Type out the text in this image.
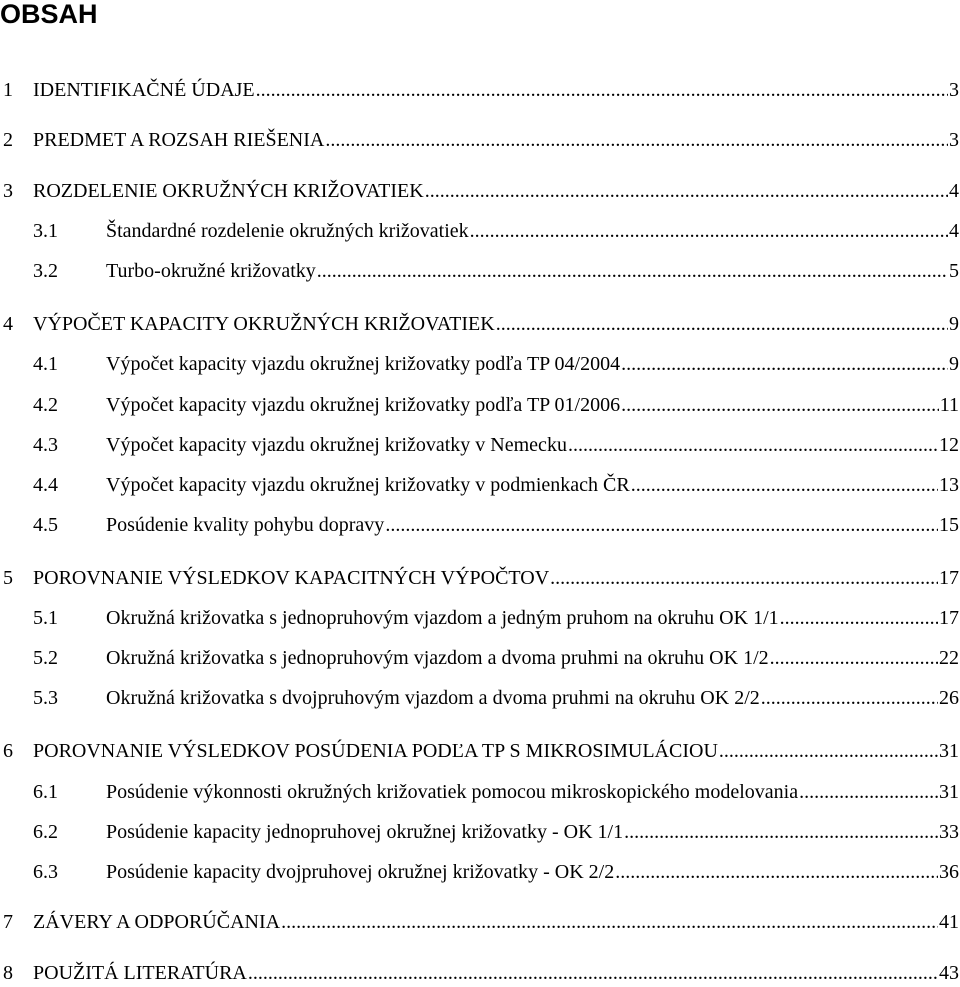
OBSAH
1 IDENTIFIKAČNÉ ÚDAJE .....	3
2 PREDMET A ROZSAH RIEŠENIA .....	3
3 ROZDELENIE OKRUŽNÝCH KRIŽOVATIEK .....	4
3.1 Štandardné rozdelenie okružných križovatiek .....	4
3.2 Turbo-okružné križovatky .....	5
4 VÝPOČET KAPACITY OKRUŽNÝCH KRIŽOVATIEK .....	9
4.1 Výpočet kapacity vjazdu okružnej križovatky podľa TP 04/2004 .....	9
4.2 Výpočet kapacity vjazdu okružnej križovatky podľa TP 01/2006 .....	11
4.3 Výpočet kapacity vjazdu okružnej križovatky v Nemecku .....	12
4.4 Výpočet kapacity vjazdu okružnej križovatky v podmienkach ČR .....	13
4.5 Posúdenie kvality pohybu dopravy .....	15
5 POROVNANIE VÝSLEDKOV KAPACITNÝCH VÝPOČTOV .....	17
5.1 Okružná križovatka s jednopruhovým vjazdom a jedným pruhom na okruhu OK 1/1 .....	17
5.2 Okružná križovatka s jednopruhovým vjazdom a dvoma pruhmi na okruhu OK 1/2 .....	22
5.3 Okružná križovatka s dvojpruhovým vjazdom a dvoma pruhmi na okruhu OK 2/2 .....	26
6 POROVNANIE VÝSLEDKOV POSÚDENIA PODĽA TP S MIKROSIMULÁCIOU .....	31
6.1 Posúdenie výkonnosti okružných križovatiek pomocou mikroskopického modelovania .....	31
6.2 Posúdenie kapacity jednopruhovej okružnej križovatky - OK 1/1 .....	33
6.3 Posúdenie kapacity dvojpruhovej okružnej križovatky - OK 2/2 .....	36
7 ZÁVERY A ODPORÚČANIA .....	41
8 POUŽITÁ LITERATÚRA .....	43
